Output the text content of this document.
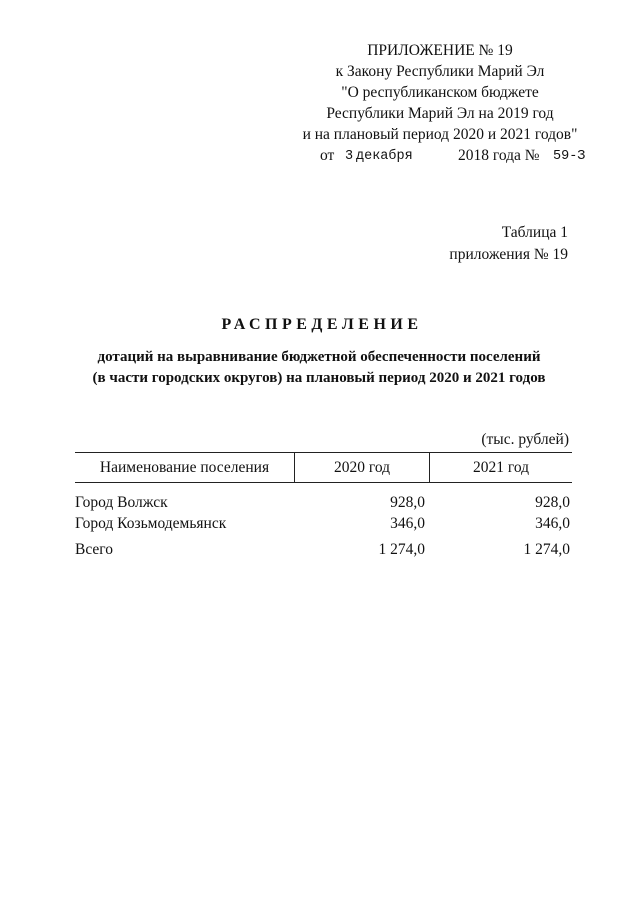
ПРИЛОЖЕНИЕ № 19
к Закону Республики Марий Эл
"О республиканском бюджете
Республики Марий Эл на 2019 год
и на плановый период 2020 и 2021 годов"
от 3 декабря	2018 года № 59-З
Таблица 1
приложения № 19
РАСПРЕДЕЛЕНИЕ
дотаций на выравнивание бюджетной обеспеченности поселений
(в части городских округов) на плановый период 2020 и 2021 годов
(тыс. рублей)
Наименование поселения	2020 год	2021 год
Город Волжск	928,0	928,0
Город Козьмодемьянск	346,0	346,0
Всего	1 274,0	1 274,0
